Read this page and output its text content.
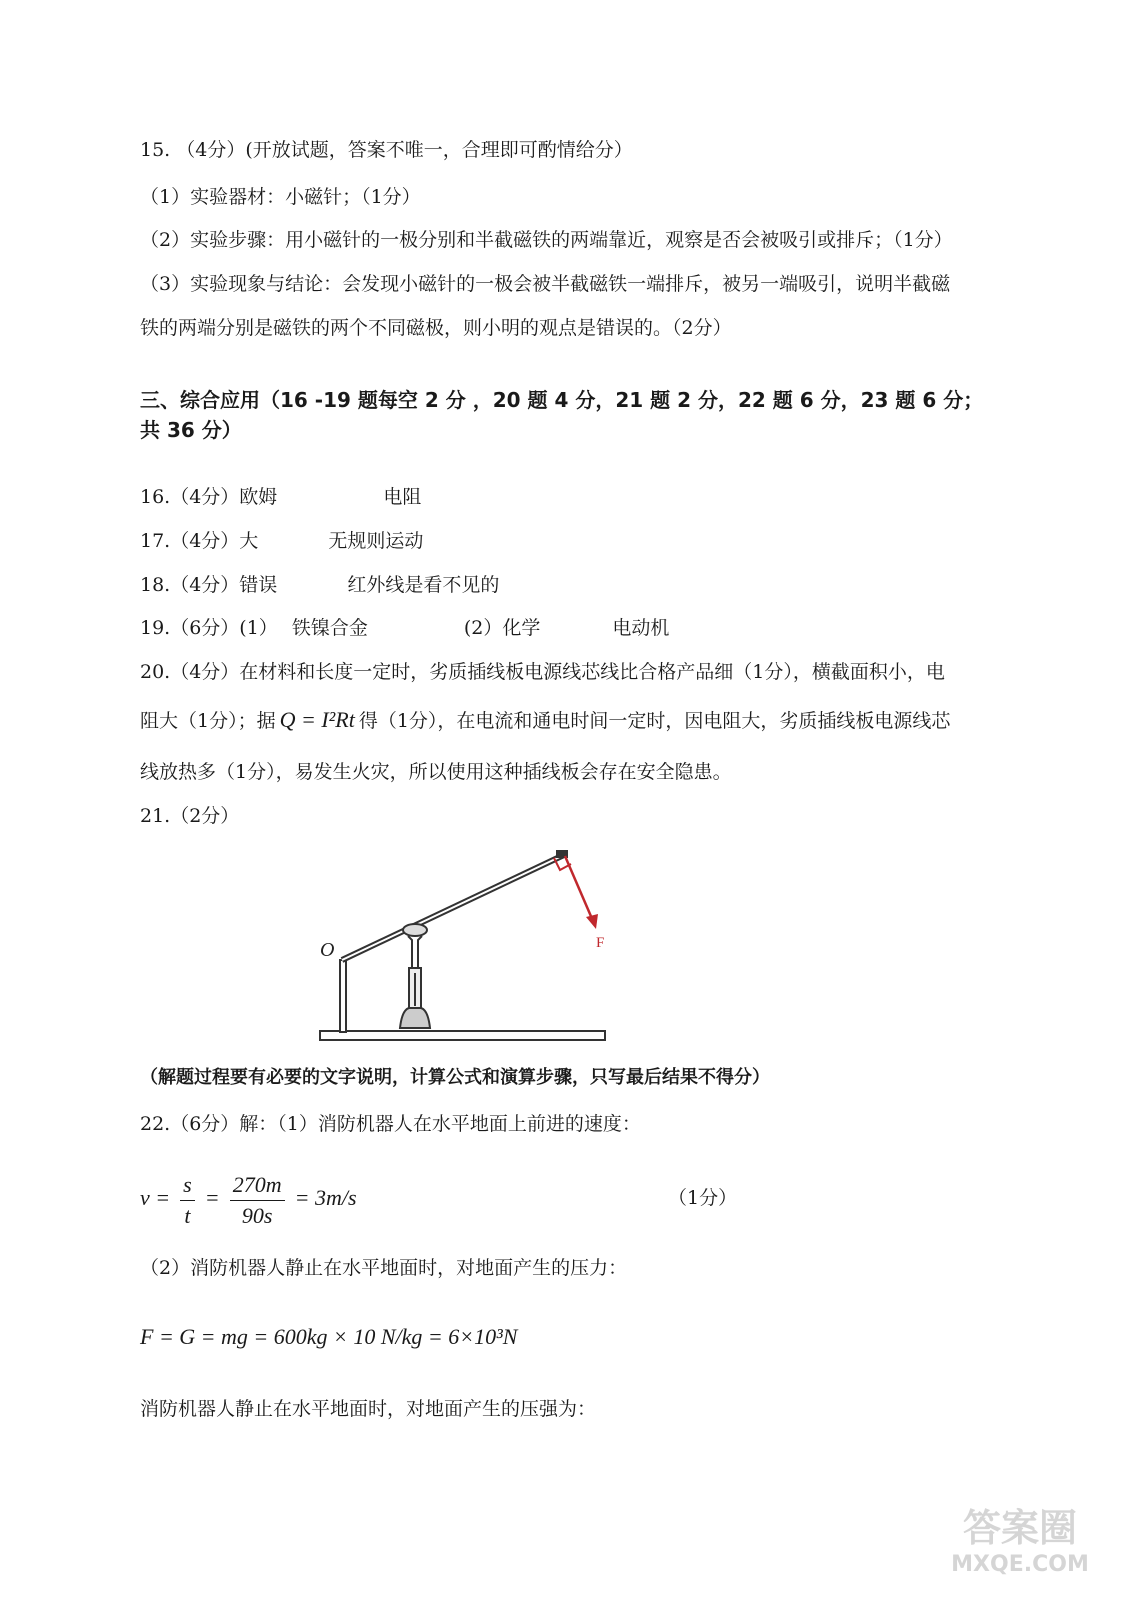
15. （4分）(开放试题，答案不唯一，合理即可酌情给分）
（1）实验器材：小磁针；（1分）
（2）实验步骤：用小磁针的一极分别和半截磁铁的两端靠近，观察是否会被吸引或排斥；（1分）
（3）实验现象与结论：会发现小磁针的一极会被半截磁铁一端排斥，被另一端吸引，说明半截磁
铁的两端分别是磁铁的两个不同磁极，则小明的观点是错误的。（2分）
三、综合应用（16 -19 题每空 2 分 ，20 题 4 分，21 题 2 分，22 题 6 分，23 题 6 分；
共 36 分）
16.（4分）欧姆	电阻
17.（4分）大	无规则运动
18.（4分）错误	红外线是看不见的
19.（6分）(1） 铁镍合金	(2）化学	电动机
20.（4分）在材料和长度一定时，劣质插线板电源线芯线比合格产品细（1分），横截面积小，电
阻大（1分）；据 Q = I²Rt 得（1分），在电流和通电时间一定时，因电阻大，劣质插线板电源线芯
线放热多（1分），易发生火灾，所以使用这种插线板会存在安全隐患。
21.（2分）
O	F
（解题过程要有必要的文字说明，计算公式和演算步骤，只写最后结果不得分）
22.（6分）解：（1）消防机器人在水平地面上前进的速度：
$v = \frac{s}{t} = \frac{270m}{90s} = 3m/s$	（1分）
（2）消防机器人静止在水平地面时，对地面产生的压力：
F = G = mg = 600kg × 10 N/kg = 6×10³N
消防机器人静止在水平地面时，对地面产生的压强为：
答案圈
MXQE.COM
